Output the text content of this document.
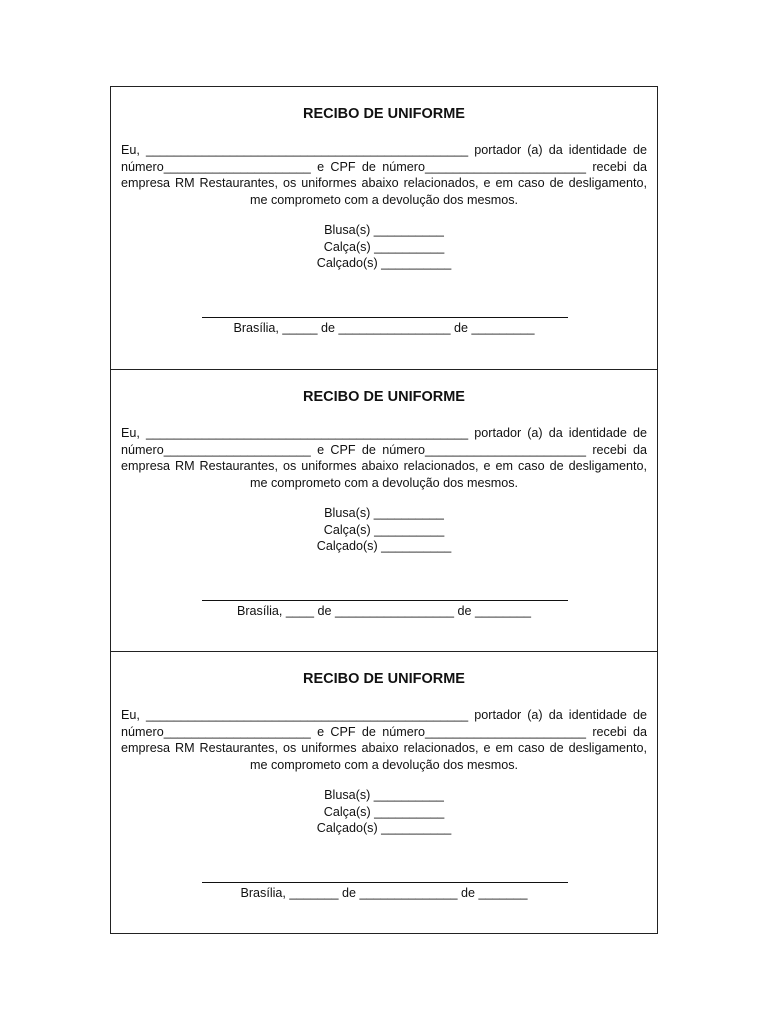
RECIBO DE UNIFORME
Eu, ______________________________________________ portador (a) da identidade de
número_____________________ e CPF de número_______________________ recebi da
empresa RM Restaurantes, os uniformes abaixo relacionados, e em caso de desligamento,
me comprometo com a devolução dos mesmos.
Blusa(s) __________
Calça(s) __________
Calçado(s) __________
Brasília, _____ de ________________ de _________
RECIBO DE UNIFORME
Eu, ______________________________________________ portador (a) da identidade de
número_____________________ e CPF de número_______________________ recebi da
empresa RM Restaurantes, os uniformes abaixo relacionados, e em caso de desligamento,
me comprometo com a devolução dos mesmos.
Blusa(s) __________
Calça(s) __________
Calçado(s) __________
Brasília, ____ de _________________ de ________
RECIBO DE UNIFORME
Eu, ______________________________________________ portador (a) da identidade de
número_____________________ e CPF de número_______________________ recebi da
empresa RM Restaurantes, os uniformes abaixo relacionados, e em caso de desligamento,
me comprometo com a devolução dos mesmos.
Blusa(s) __________
Calça(s) __________
Calçado(s) __________
Brasília, _______ de ______________ de _______
